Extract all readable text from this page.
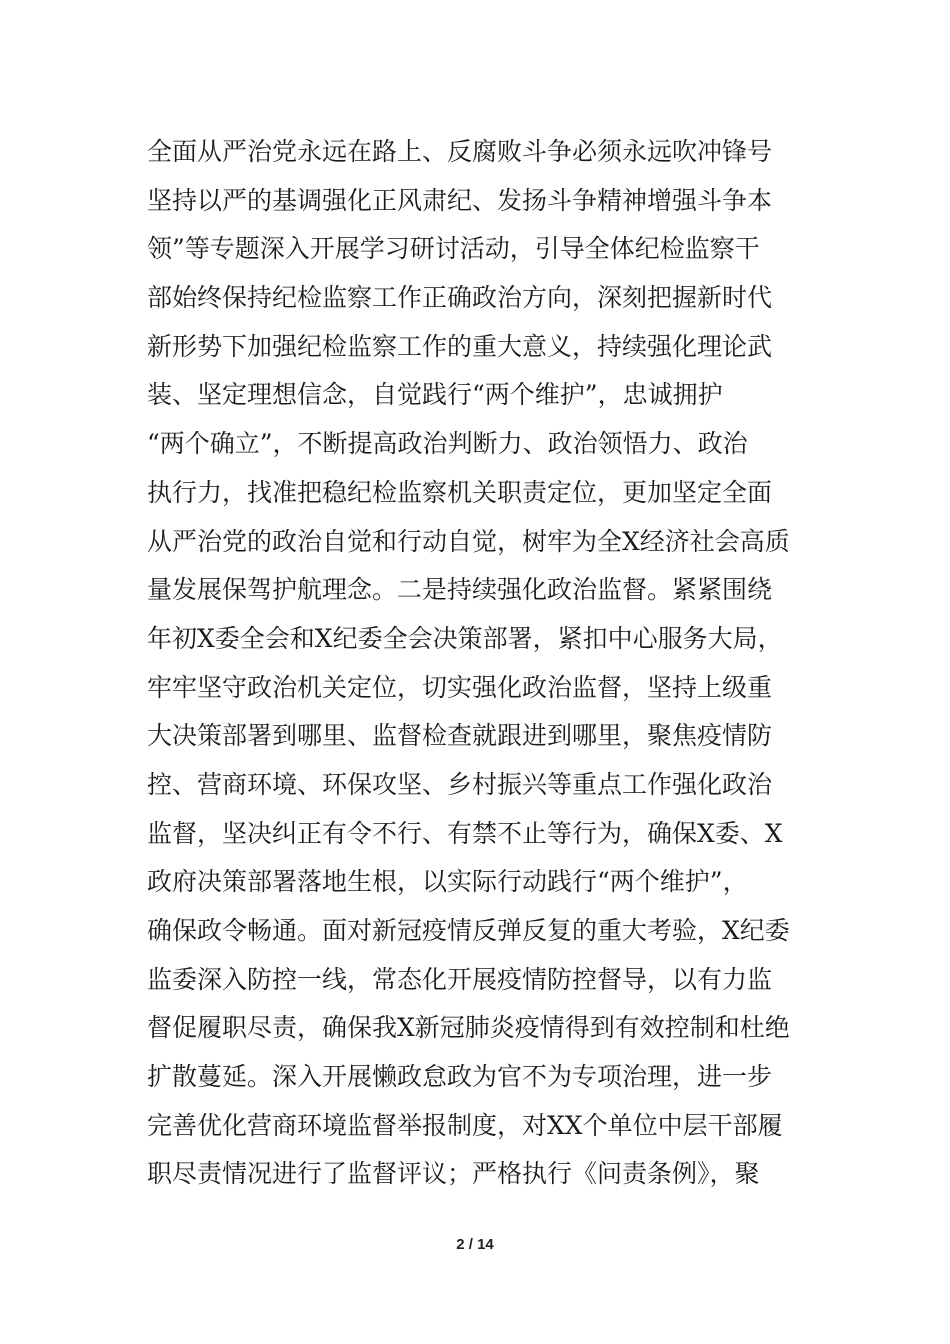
全面从严治党永远在路上、反腐败斗争必须永远吹冲锋号
坚持以严的基调强化正风肃纪、发扬斗争精神增强斗争本
领”等专题深入开展学习研讨活动，引导全体纪检监察干
部始终保持纪检监察工作正确政治方向，深刻把握新时代
新形势下加强纪检监察工作的重大意义，持续强化理论武
装、坚定理想信念，自觉践行“两个维护”，忠诚拥护
“两个确立”，不断提高政治判断力、政治领悟力、政治
执行力，找准把稳纪检监察机关职责定位，更加坚定全面
从严治党的政治自觉和行动自觉，树牢为全X经济社会高质
量发展保驾护航理念。二是持续强化政治监督。紧紧围绕
年初X委全会和X纪委全会决策部署，紧扣中心服务大局，
牢牢坚守政治机关定位，切实强化政治监督，坚持上级重
大决策部署到哪里、监督检查就跟进到哪里，聚焦疫情防
控、营商环境、环保攻坚、乡村振兴等重点工作强化政治
监督，坚决纠正有令不行、有禁不止等行为，确保X委、X
政府决策部署落地生根，以实际行动践行“两个维护”，
确保政令畅通。面对新冠疫情反弹反复的重大考验，X纪委
监委深入防控一线，常态化开展疫情防控督导，以有力监
督促履职尽责，确保我X新冠肺炎疫情得到有效控制和杜绝
扩散蔓延。深入开展懒政怠政为官不为专项治理，进一步
完善优化营商环境监督举报制度，对XX个单位中层干部履
职尽责情况进行了监督评议；严格执行《问责条例》，聚
2 / 14
